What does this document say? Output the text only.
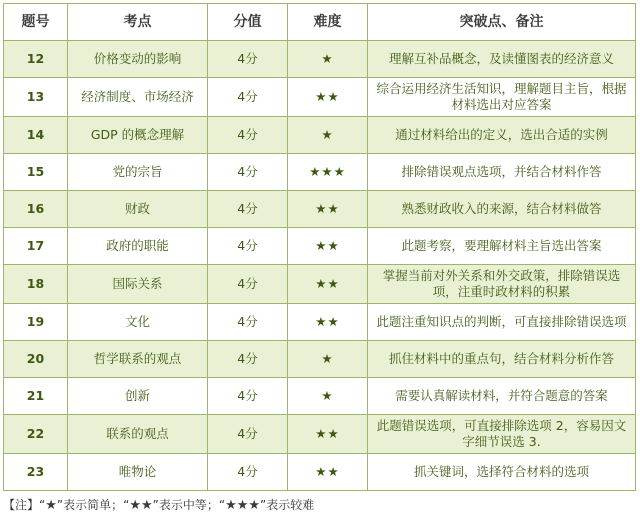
题号	考点	分值	难度	突破点、备注
12	价格变动的影响	4分	★	理解互补品概念，及读懂图表的经济意义
13	经济制度、市场经济	4分	★★	综合运用经济生活知识，理解题目主旨，根据材料选出对应答案
14	GDP 的概念理解	4分	★	通过材料给出的定义，选出合适的实例
15	党的宗旨	4分	★★★	排除错误观点选项，并结合材料作答
16	财政	4分	★★	熟悉财政收入的来源，结合材料做答
17	政府的职能	4分	★★	此题考察，要理解材料主旨选出答案
18	国际关系	4分	★★	掌握当前对外关系和外交政策，排除错误选项，注重时政材料的积累
19	文化	4分	★★	此题注重知识点的判断，可直接排除错误选项
20	哲学联系的观点	4分	★	抓住材料中的重点句，结合材料分析作答
21	创新	4分	★	需要认真解读材料，并符合题意的答案
22	联系的观点	4分	★★	此题错误选项，可直接排除选项 2，容易因文字细节误选 3.
23	唯物论	4分	★★	抓关键词，选择符合材料的选项
【注】“★”表示简单；“★★”表示中等；“★★★”表示较难
